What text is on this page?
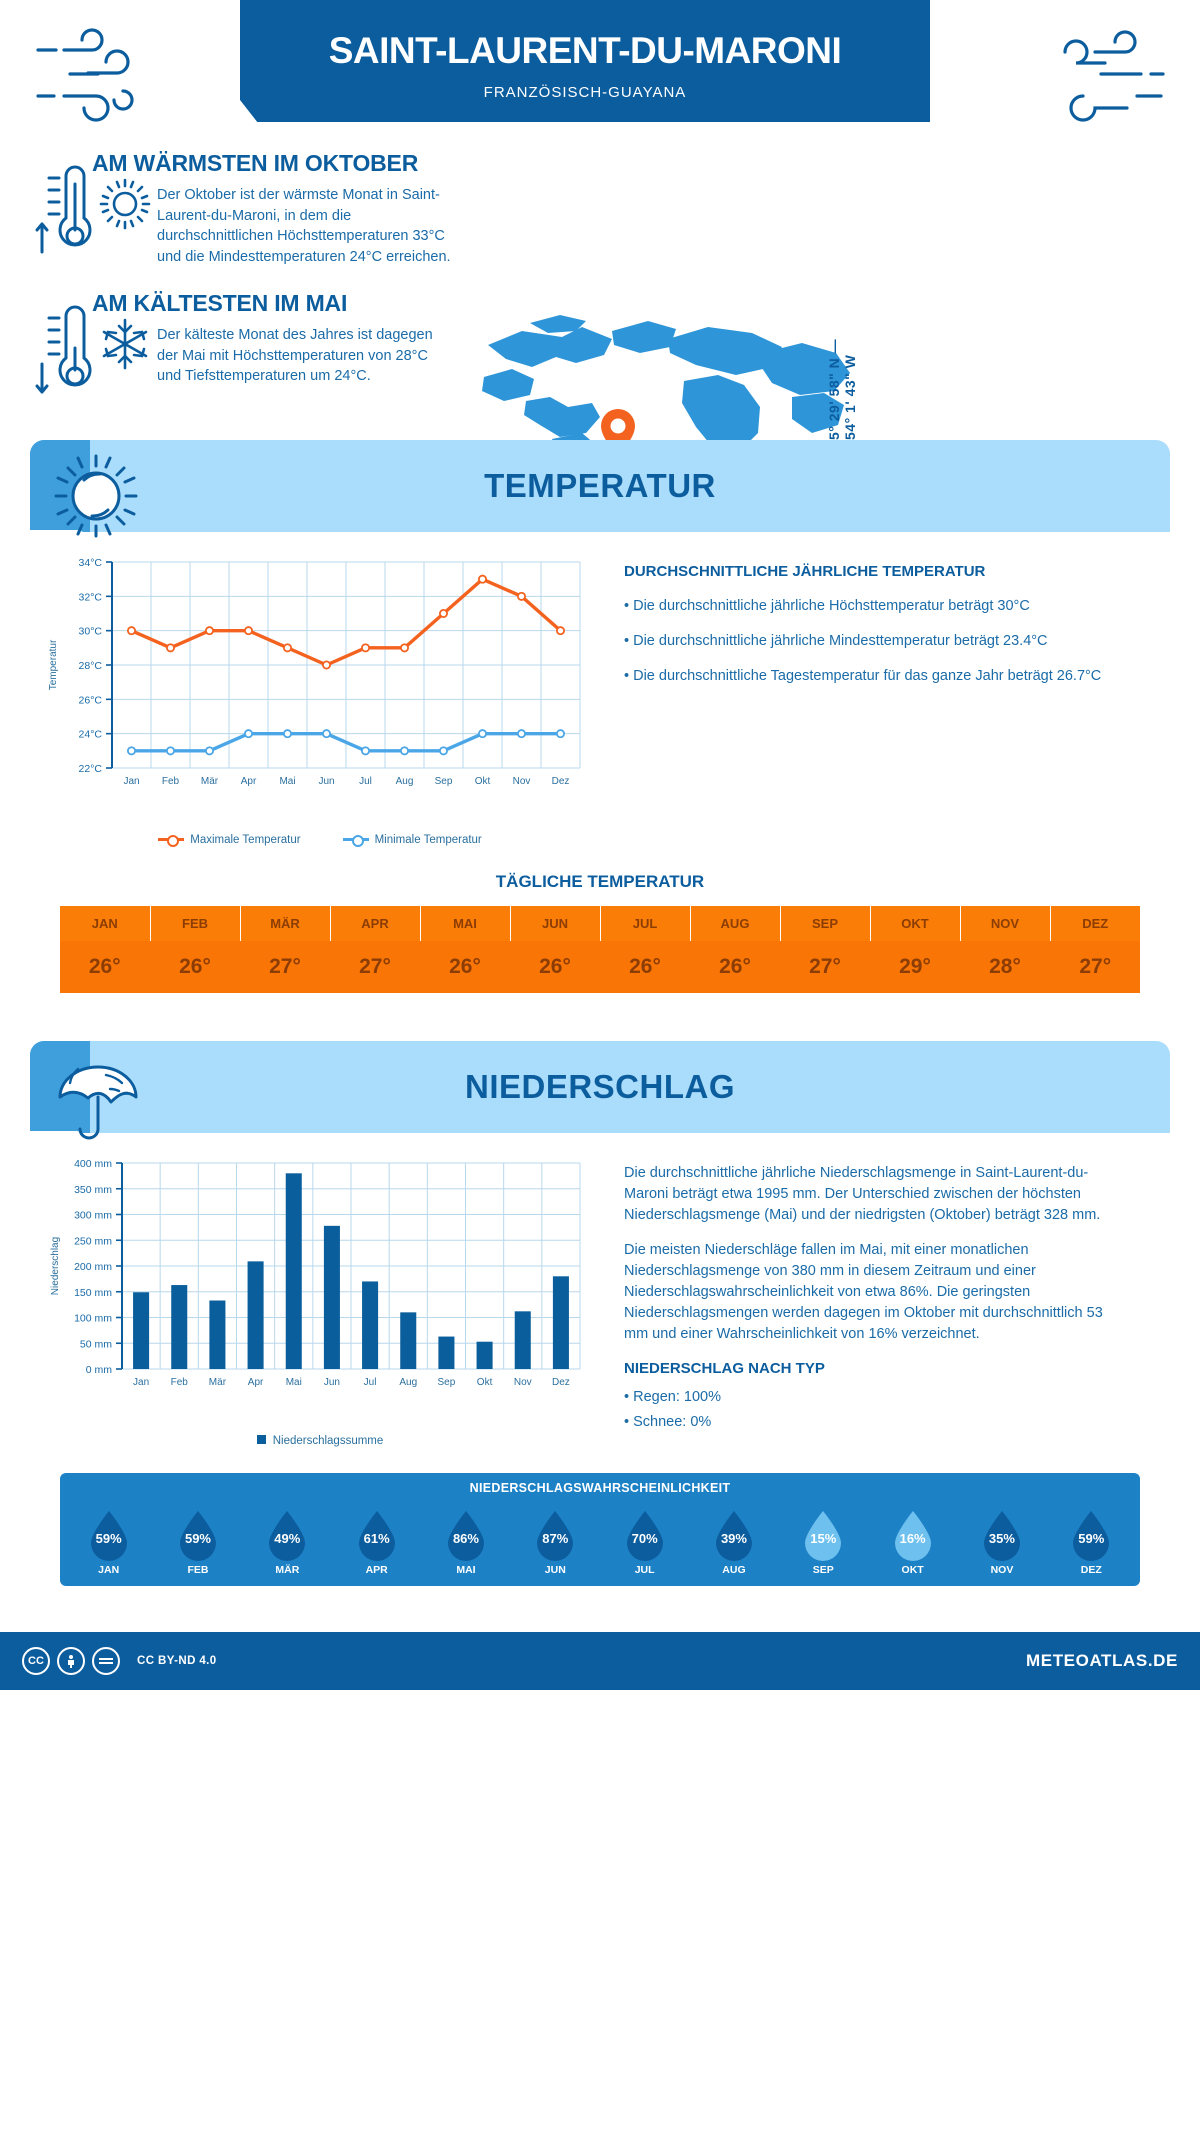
SAINT-LAURENT-DU-MARONI
FRANZÖSISCH-GUAYANA
AM WÄRMSTEN IM OKTOBER

Der Oktober ist der wärmste Monat in Saint-Laurent-du-Maroni, in dem die durchschnittlichen Höchsttemperaturen 33°C und die Mindesttemperaturen 24°C erreichen.

AM KÄLTESTEN IM MAI

Der kälteste Monat des Jahres ist dagegen der Mai mit Höchsttemperaturen von 28°C und Tiefsttemperaturen um 24°C.	5° 29' 58" N — 54° 1' 43" W
TEMPERATUR
22°C
24°C
26°C
28°C
30°C
32°C
34°C
Jan Feb Mär Apr Mai Jun Jul Aug Sep Okt Nov Dez
Temperatur
Maximale Temperatur	Minimale Temperatur
DURCHSCHNITTLICHE JÄHRLICHE TEMPERATUR
• Die durchschnittliche jährliche Höchsttemperatur beträgt 30°C
• Die durchschnittliche jährliche Mindesttemperatur beträgt 23.4°C
• Die durchschnittliche Tagestemperatur für das ganze Jahr beträgt 26.7°C
TÄGLICHE TEMPERATUR
JAN	FEB	MÄR	APR	MAI	JUN	JUL	AUG	SEP	OKT	NOV	DEZ
26°	26°	27°	27°	26°	26°	26°	26°	27°	29°	28°	27°
NIEDERSCHLAG
0 mm
50 mm
100 mm
150 mm
200 mm
250 mm
300 mm
350 mm
400 mm
Jan Feb Mär Apr Mai Jun Jul Aug Sep Okt Nov Dez
Niederschlag
Niederschlagssumme
Die durchschnittliche jährliche Niederschlagsmenge in Saint-Laurent-du-Maroni beträgt etwa 1995 mm. Der Unterschied zwischen der höchsten Niederschlagsmenge (Mai) und der niedrigsten (Oktober) beträgt 328 mm.
Die meisten Niederschläge fallen im Mai, mit einer monatlichen Niederschlagsmenge von 380 mm in diesem Zeitraum und einer Niederschlagswahrscheinlichkeit von etwa 86%. Die geringsten Niederschlagsmengen werden dagegen im Oktober mit durchschnittlich 53 mm und einer Wahrscheinlichkeit von 16% verzeichnet.
NIEDERSCHLAG NACH TYP
• Regen: 100%
• Schnee: 0%
NIEDERSCHLAGSWAHRSCHEINLICHKEIT
59%
JAN
59%
FEB
49%
MÄR
61%
APR
86%
MAI
87%
JUN
70%
JUL
39%
AUG
15%
SEP
16%
OKT
35%
NOV
59%
DEZ
CC	CC BY-ND 4.0	METEOATLAS.DE
